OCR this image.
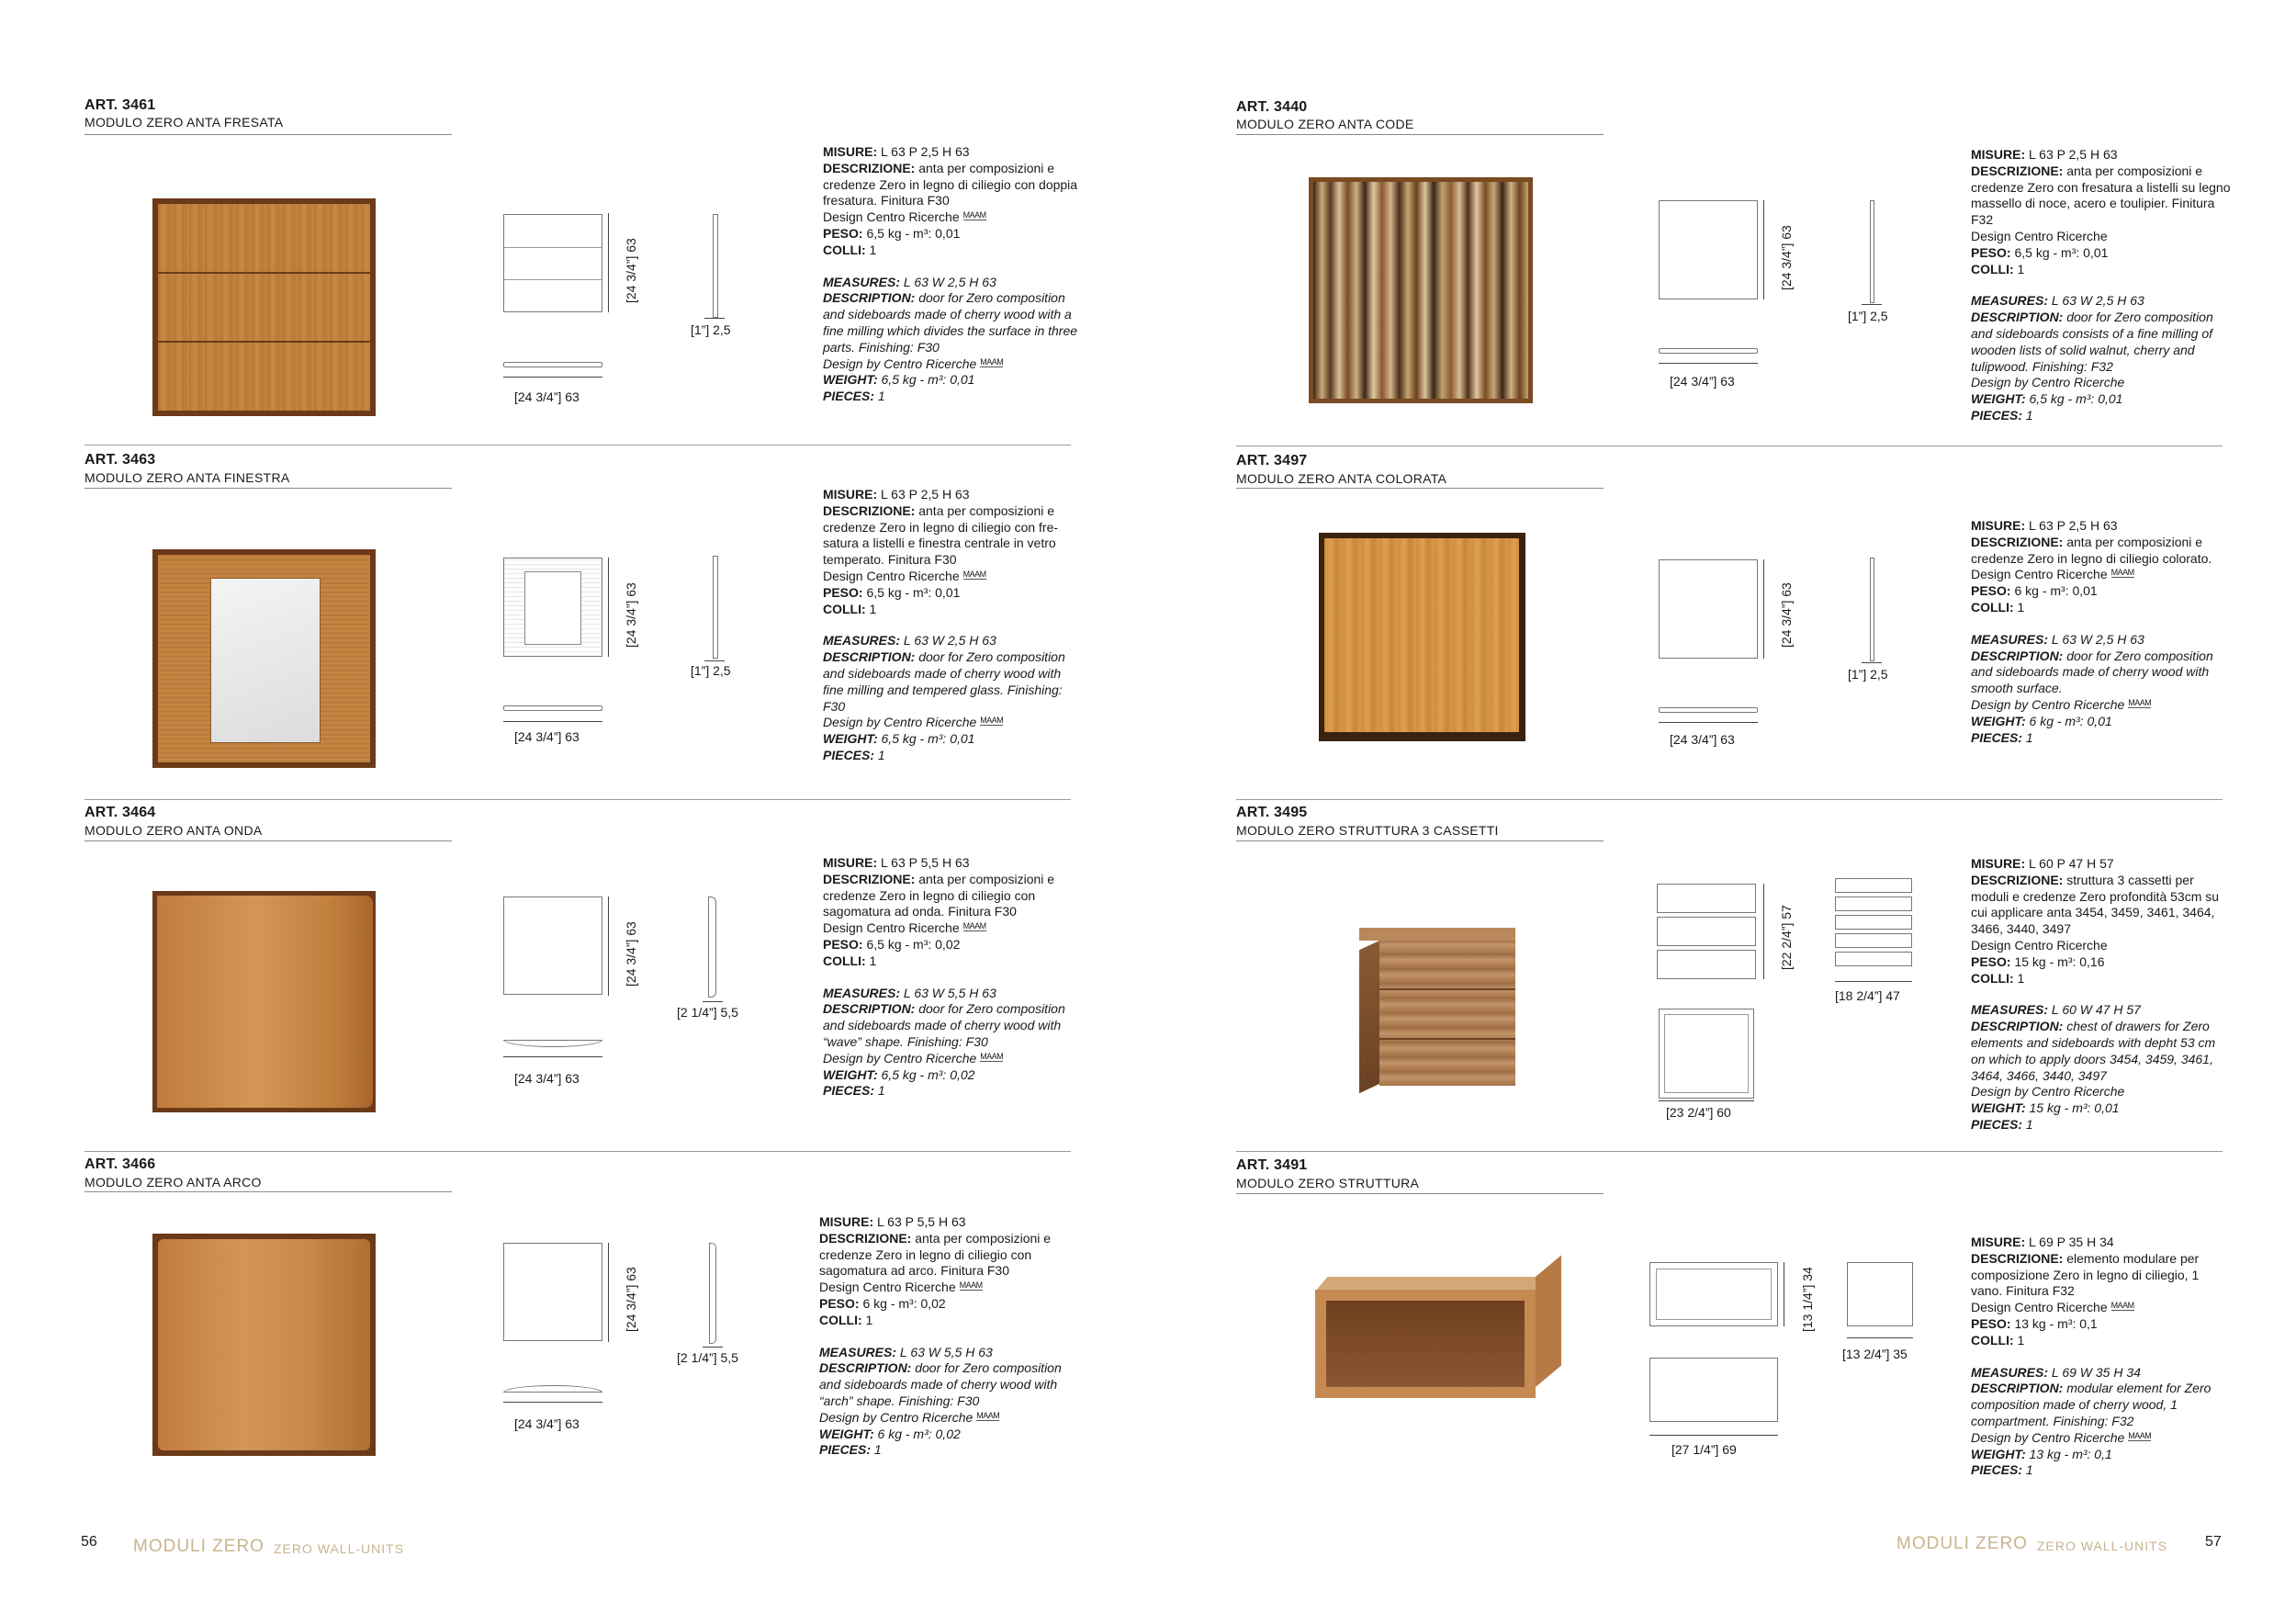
ART. 3461
MODULO ZERO ANTA FRESATA
[24 3/4”] 63
[1”] 2,5
[24 3/4”] 63

MISURE: L 63 P 2,5 H 63

DESCRIZIONE: anta per composizioni e credenze Zero in legno di ciliegio con doppia fresatura. Finitura F30

Design Centro Ricerche MAAM

PESO: 6,5 kg - m³: 0,01

COLLI: 1

MEASURES: L 63 W 2,5 H 63

DESCRIPTION: door for Zero composition and sideboards made of cherry wood with a fine milling which divides the surface in three parts. Finishing: F30

Design by Centro Ricerche MAAM

WEIGHT: 6,5 kg - m³: 0,01

PIECES: 1

ART. 3463
MODULO ZERO ANTA FINESTRA
[24 3/4”] 63
[1”] 2,5
[24 3/4”] 63

MISURE: L 63 P 2,5 H 63

DESCRIZIONE: anta per composizioni e credenze Zero in legno di ciliegio con fre-satura a listelli e finestra centrale in vetro temperato. Finitura F30

Design Centro Ricerche MAAM

PESO: 6,5 kg - m³: 0,01

COLLI: 1

MEASURES: L 63 W 2,5 H 63

DESCRIPTION: door for Zero composition and sideboards made of cherry wood with fine milling and tempered glass. Finishing: F30

Design by Centro Ricerche MAAM

WEIGHT: 6,5 kg - m³: 0,01

PIECES: 1

ART. 3464
MODULO ZERO ANTA ONDA
[24 3/4”] 63
[2 1/4”] 5,5
[24 3/4”] 63

MISURE: L 63 P 5,5 H 63

DESCRIZIONE: anta per composizioni e credenze Zero in legno di ciliegio con sagomatura ad onda. Finitura F30

Design Centro Ricerche MAAM

PESO: 6,5 kg - m³: 0,02

COLLI: 1

MEASURES: L 63 W 5,5 H 63

DESCRIPTION: door for Zero composition and sideboards made of cherry wood with “wave” shape. Finishing: F30

Design by Centro Ricerche MAAM

WEIGHT: 6,5 kg - m³: 0,02

PIECES: 1

ART. 3466
MODULO ZERO ANTA ARCO
[24 3/4”] 63
[2 1/4”] 5,5
[24 3/4”] 63

MISURE: L 63 P 5,5 H 63

DESCRIZIONE: anta per composizioni e credenze Zero in legno di ciliegio con sagomatura ad arco. Finitura F30

Design Centro Ricerche MAAM

PESO: 6 kg - m³: 0,02

COLLI: 1

MEASURES: L 63 W 5,5 H 63

DESCRIPTION: door for Zero composition and sideboards made of cherry wood with “arch” shape. Finishing: F30

Design by Centro Ricerche MAAM

WEIGHT: 6 kg - m³: 0,02

PIECES: 1

56 MODULI ZERO ZERO WALL-UNITS
ART. 3440
MODULO ZERO ANTA CODE
[24 3/4”] 63
[1”] 2,5
[24 3/4”] 63

MISURE: L 63 P 2,5 H 63

DESCRIZIONE: anta per composizioni e credenze Zero con fresatura a listelli su legno massello di noce, acero e toulipier. Finitura F32

Design Centro Ricerche

PESO: 6,5 kg - m³: 0,01

COLLI: 1

MEASURES: L 63 W 2,5 H 63

DESCRIPTION: door for Zero composition and sideboards consists of a fine milling of wooden lists of solid walnut, cherry and tulipwood. Finishing: F32

Design by Centro Ricerche

WEIGHT: 6,5 kg - m³: 0,01

PIECES: 1

ART. 3497
MODULO ZERO ANTA COLORATA
[24 3/4”] 63
[1”] 2,5
[24 3/4”] 63

MISURE: L 63 P 2,5 H 63

DESCRIZIONE: anta per composizioni e credenze Zero in legno di ciliegio colorato.

Design Centro Ricerche MAAM

PESO: 6 kg - m³: 0,01

COLLI: 1

MEASURES: L 63 W 2,5 H 63

DESCRIPTION: door for Zero composition and sideboards made of cherry wood with smooth surface.

Design by Centro Ricerche MAAM

WEIGHT: 6 kg - m³: 0,01

PIECES: 1

ART. 3495
MODULO ZERO STRUTTURA 3 CASSETTI
[22 2/4”] 57
[18 2/4”] 47
[23 2/4”] 60

MISURE: L 60 P 47 H 57

DESCRIZIONE: struttura 3 cassetti per moduli e credenze Zero profondità 53cm su cui applicare anta 3454, 3459, 3461, 3464, 3466, 3440, 3497

Design Centro Ricerche

PESO: 15 kg - m³: 0,16

COLLI: 1

MEASURES: L 60 W 47 H 57

DESCRIPTION: chest of drawers for Zero elements and sideboards with depht 53 cm on which to apply doors 3454, 3459, 3461, 3464, 3466, 3440, 3497

Design by Centro Ricerche

WEIGHT: 15 kg - m³: 0,01

PIECES: 1

ART. 3491
MODULO ZERO STRUTTURA
[13 1/4”] 34
[13 2/4”] 35
[27 1/4”] 69

MISURE: L 69 P 35 H 34

DESCRIZIONE: elemento modulare per composizione Zero in legno di ciliegio, 1 vano. Finitura F32

Design Centro Ricerche MAAM

PESO: 13 kg - m³: 0,1

COLLI: 1

MEASURES: L 69 W 35 H 34

DESCRIPTION: modular element for Zero composition made of cherry wood, 1 compartment. Finishing: F32

Design by Centro Ricerche MAAM

WEIGHT: 13 kg - m³: 0,1

PIECES: 1

MODULI ZERO ZERO WALL-UNITS	57
